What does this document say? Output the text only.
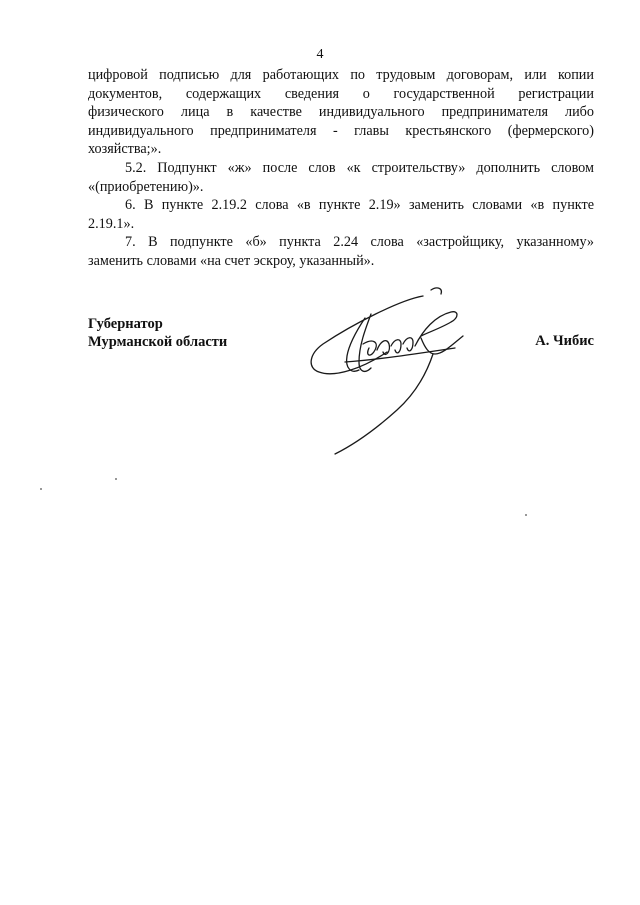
4

цифровой подписью для работающих по трудовым договорам, или копии
документов, содержащих сведения о государственной регистрации
физического лица в качестве индивидуального предпринимателя либо
индивидуального предпринимателя - главы крестьянского (фермерского)
хозяйства;».

5.2. Подпункт «ж» после слов «к строительству» дополнить словом
«(приобретению)».

6. В пункте 2.19.2 слова «в пункте 2.19» заменить словами «в пункте
2.19.1».

7. В подпункте «б» пункта 2.24 слова «застройщику, указанному»
заменить словами «на счет эскроу, указанный».

Губернатор
Мурманской области	А. Чибис
